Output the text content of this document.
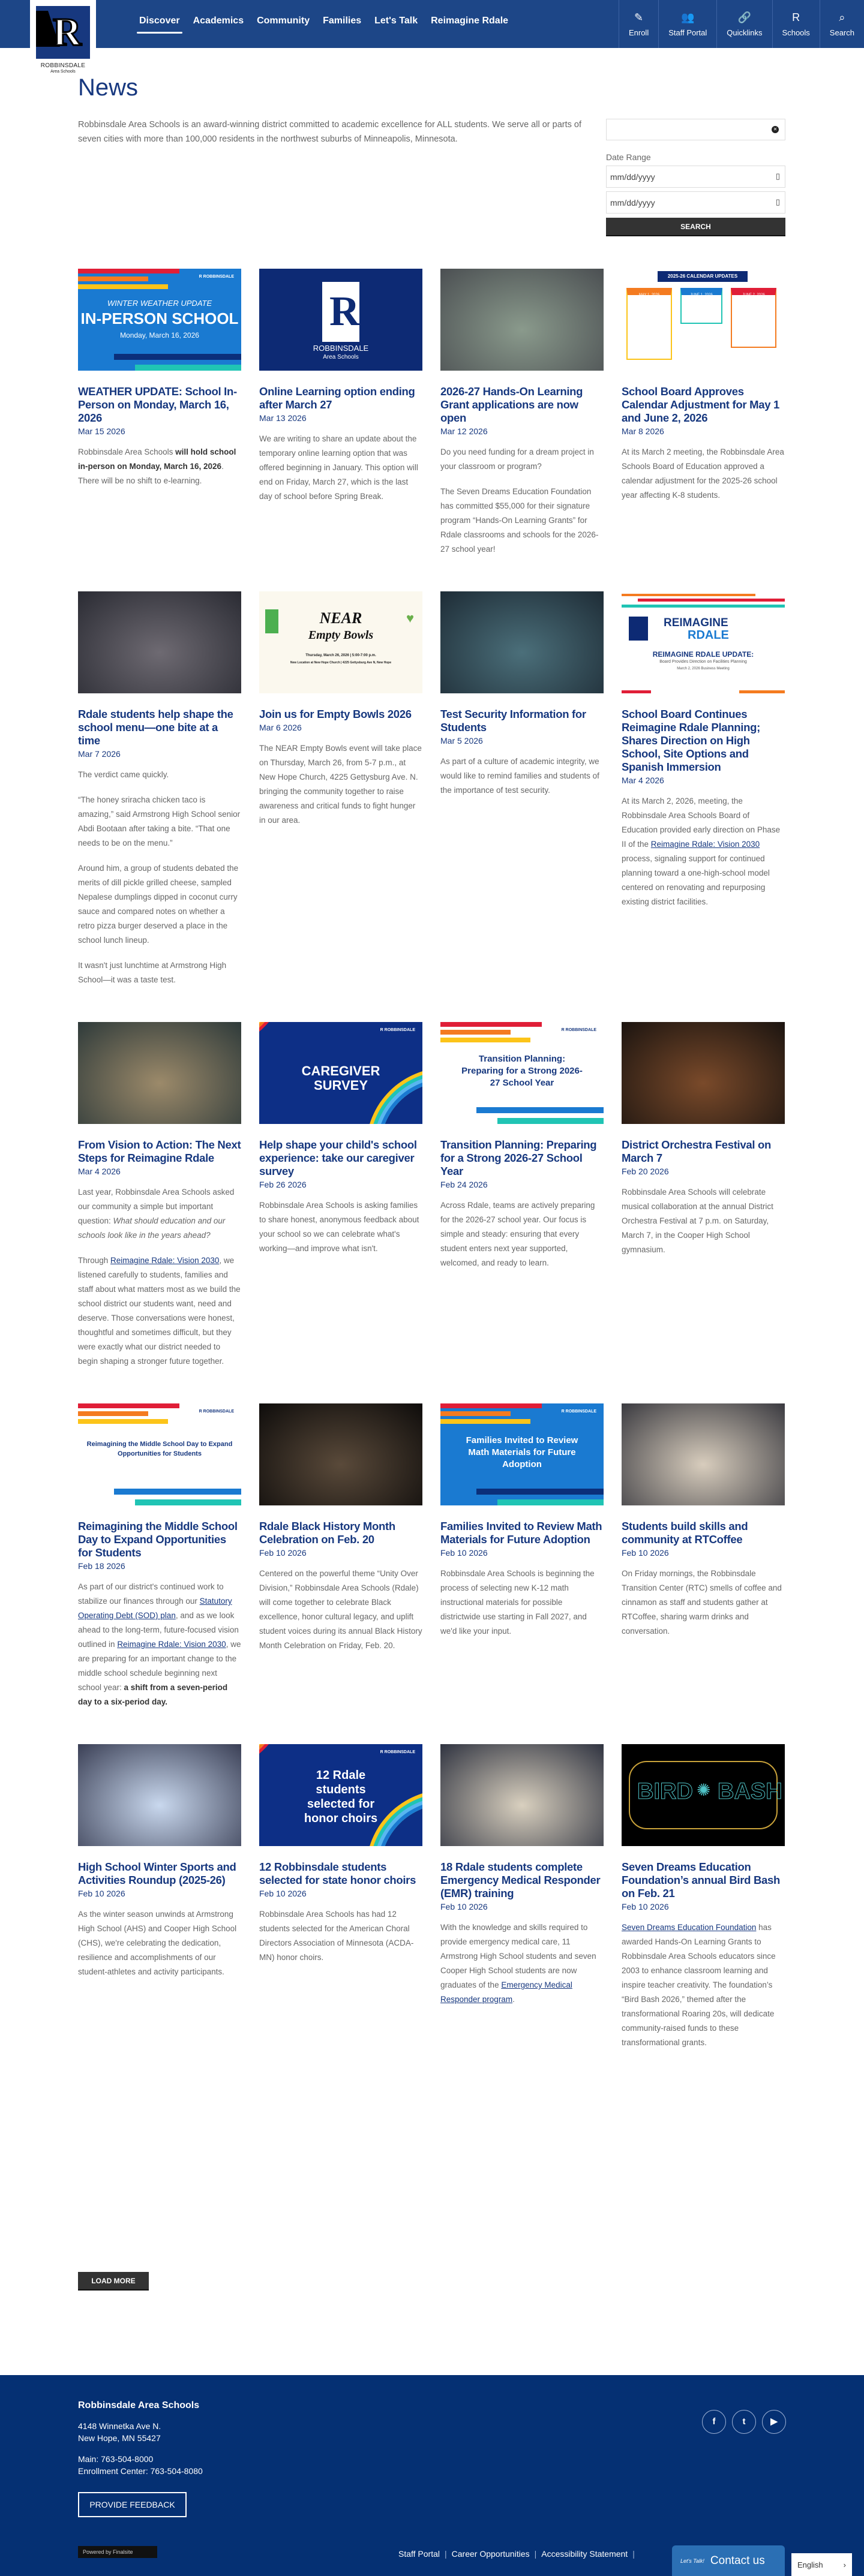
Discover Academics Community Families Let's Talk Reimagine Rdale	✎
Enroll
👥
Staff Portal
🔗
Quicklinks
R
Schools
⌕
Search
R
ROBBINSDALE
Area Schools
News

Robbinsdale Area Schools is an award-winning district committed to academic excellence for ALL students. We serve all or parts of seven cities with more than 100,000 residents in the northwest suburbs of Minneapolis, Minnesota.

✕
Date Range
mm/dd/yyyy	▯
mm/dd/yyyy	▯
SEARCH
R ROBBINSDALE
WINTER WEATHER UPDATE
IN-PERSON SCHOOL
Monday, March 16, 2026
WEATHER UPDATE: School In-Person on Monday, March 16, 2026
Mar 15 2026

Robbinsdale Area Schools will hold school in-person on Monday, March 16, 2026. There will be no shift to e-learning.

R
ROBBINSDALE
Area Schools
Online Learning option ending after March 27
Mar 13 2026

We are writing to share an update about the temporary online learning option that was offered beginning in January. This option will end on Friday, March 27, which is the last day of school before Spring Break.

2026-27 Hands-On Learning Grant applications are now open
Mar 12 2026

Do you need funding for a dream project in your classroom or program?

The Seven Dreams Education Foundation has committed $55,000 for their signature program “Hands-On Learning Grants” for Rdale classrooms and schools for the 2026-27 school year!

2025-26 CALENDAR UPDATES
MAY 1, 2026	JUNE 1, 2026	JUNE 2, 2026
School Board Approves Calendar Adjustment for May 1 and June 2, 2026
Mar 8 2026

At its March 2 meeting, the Robbinsdale Area Schools Board of Education approved a calendar adjustment for the 2025-26 school year affecting K-8 students.

Rdale students help shape the school menu—one bite at a time
Mar 7 2026

The verdict came quickly.

“The honey sriracha chicken taco is amazing,” said Armstrong High School senior Abdi Bootaan after taking a bite. “That one needs to be on the menu.”

Around him, a group of students debated the merits of dill pickle grilled cheese, sampled Nepalese dumplings dipped in coconut curry sauce and compared notes on whether a retro pizza burger deserved a place in the school lunch lineup.

It wasn't just lunchtime at Armstrong High School—it was a taste test.

♥
NEAR
Empty Bowls
Thursday, March 26, 2026 | 5:00-7:00 p.m.
New Location at New Hope Church | 4225 Gettysburg Ave N, New Hope
Join us for Empty Bowls 2026
Mar 6 2026

The NEAR Empty Bowls event will take place on Thursday, March 26, from 5-7 p.m., at New Hope Church, 4225 Gettysburg Ave. N. bringing the community together to raise awareness and critical funds to fight hunger in our area.

Test Security Information for Students
Mar 5 2026

As part of a culture of academic integrity, we would like to remind families and students of the importance of test security.

REIMAGINE
RDALE
REIMAGINE RDALE UPDATE:
Board Provides Direction on Facilities Planning
March 2, 2026 Business Meeting
School Board Continues Reimagine Rdale Planning; Shares Direction on High School, Site Options and Spanish Immersion
Mar 4 2026

At its March 2, 2026, meeting, the Robbinsdale Area Schools Board of Education provided early direction on Phase II of the Reimagine Rdale: Vision 2030 process, signaling support for continued planning toward a one-high-school model centered on renovating and repurposing existing district facilities.

From Vision to Action: The Next Steps for Reimagine Rdale
Mar 4 2026

Last year, Robbinsdale Area Schools asked our community a simple but important question: What should education and our schools look like in the years ahead?

Through Reimagine Rdale: Vision 2030, we listened carefully to students, families and staff about what matters most as we build the school district our students want, need and deserve. Those conversations were honest, thoughtful and sometimes difficult, but they were exactly what our district needed to begin shaping a stronger future together.

CAREGIVER SURVEY
R ROBBINSDALE
Help shape your child's school experience: take our caregiver survey
Feb 26 2026

Robbinsdale Area Schools is asking families to share honest, anonymous feedback about your school so we can celebrate what's working—and improve what isn't.

R ROBBINSDALE
Transition Planning: Preparing for a Strong 2026-27 School Year
Transition Planning: Preparing for a Strong 2026-27 School Year
Feb 24 2026

Across Rdale, teams are actively preparing for the 2026-27 school year. Our focus is simple and steady: ensuring that every student enters next year supported, welcomed, and ready to learn.

District Orchestra Festival on March 7
Feb 20 2026

Robbinsdale Area Schools will celebrate musical collaboration at the annual District Orchestra Festival at 7 p.m. on Saturday, March 7, in the Cooper High School gymnasium.

R ROBBINSDALE
Reimagining the Middle School Day to Expand Opportunities for Students
Reimagining the Middle School Day to Expand Opportunities for Students
Feb 18 2026

As part of our district's continued work to stabilize our finances through our Statutory Operating Debt (SOD) plan, and as we look ahead to the long-term, future-focused vision outlined in Reimagine Rdale: Vision 2030, we are preparing for an important change to the middle school schedule beginning next school year: a shift from a seven-period day to a six-period day.

Rdale Black History Month Celebration on Feb. 20
Feb 10 2026

Centered on the powerful theme “Unity Over Division,” Robbinsdale Area Schools (Rdale) will come together to celebrate Black excellence, honor cultural legacy, and uplift student voices during its annual Black History Month Celebration on Friday, Feb. 20.

R ROBBINSDALE
Families Invited to Review Math Materials for Future Adoption
Families Invited to Review Math Materials for Future Adoption
Feb 10 2026

Robbinsdale Area Schools is beginning the process of selecting new K-12 math instructional materials for possible districtwide use starting in Fall 2027, and we'd like your input.

Students build skills and community at RTCoffee
Feb 10 2026

On Friday mornings, the Robbinsdale Transition Center (RTC) smells of coffee and cinnamon as staff and students gather at RTCoffee, sharing warm drinks and conversation.

High School Winter Sports and Activities Roundup (2025-26)
Feb 10 2026

As the winter season unwinds at Armstrong High School (AHS) and Cooper High School (CHS), we're celebrating the dedication, resilience and accomplishments of our student-athletes and activity participants.

12 Rdale students selected for honor choirs
R ROBBINSDALE
12 Robbinsdale students selected for state honor choirs
Feb 10 2026

Robbinsdale Area Schools has had 12 students selected for the American Choral Directors Association of Minnesota (ACDA-MN) honor choirs.

18 Rdale students complete Emergency Medical Responder (EMR) training
Feb 10 2026

With the knowledge and skills required to provide emergency medical care, 11 Armstrong High School students and seven Cooper High School students are now graduates of the Emergency Medical Responder program.

BIRD ✺ BASH
Seven Dreams Education Foundation’s annual Bird Bash on Feb. 21
Feb 10 2026

Seven Dreams Education Foundation has awarded Hands-On Learning Grants to Robbinsdale Area Schools educators since 2003 to enhance classroom learning and inspire teacher creativity. The foundation’s “Bird Bash 2026,” themed after the transformational Roaring 20s, will dedicate community-raised funds to these transformational grants.

LOAD MORE
Robbinsdale Area Schools
4148 Winnetka Ave N.
New Hope, MN 55427
Main: 763-504-8000
Enrollment Center: 763-504-8080
PROVIDE FEEDBACK
f	t	▶
Powered by Finalsite	Staff Portal | Career Opportunities | Accessibility Statement |
Let's Talk! Contact us	English	›
